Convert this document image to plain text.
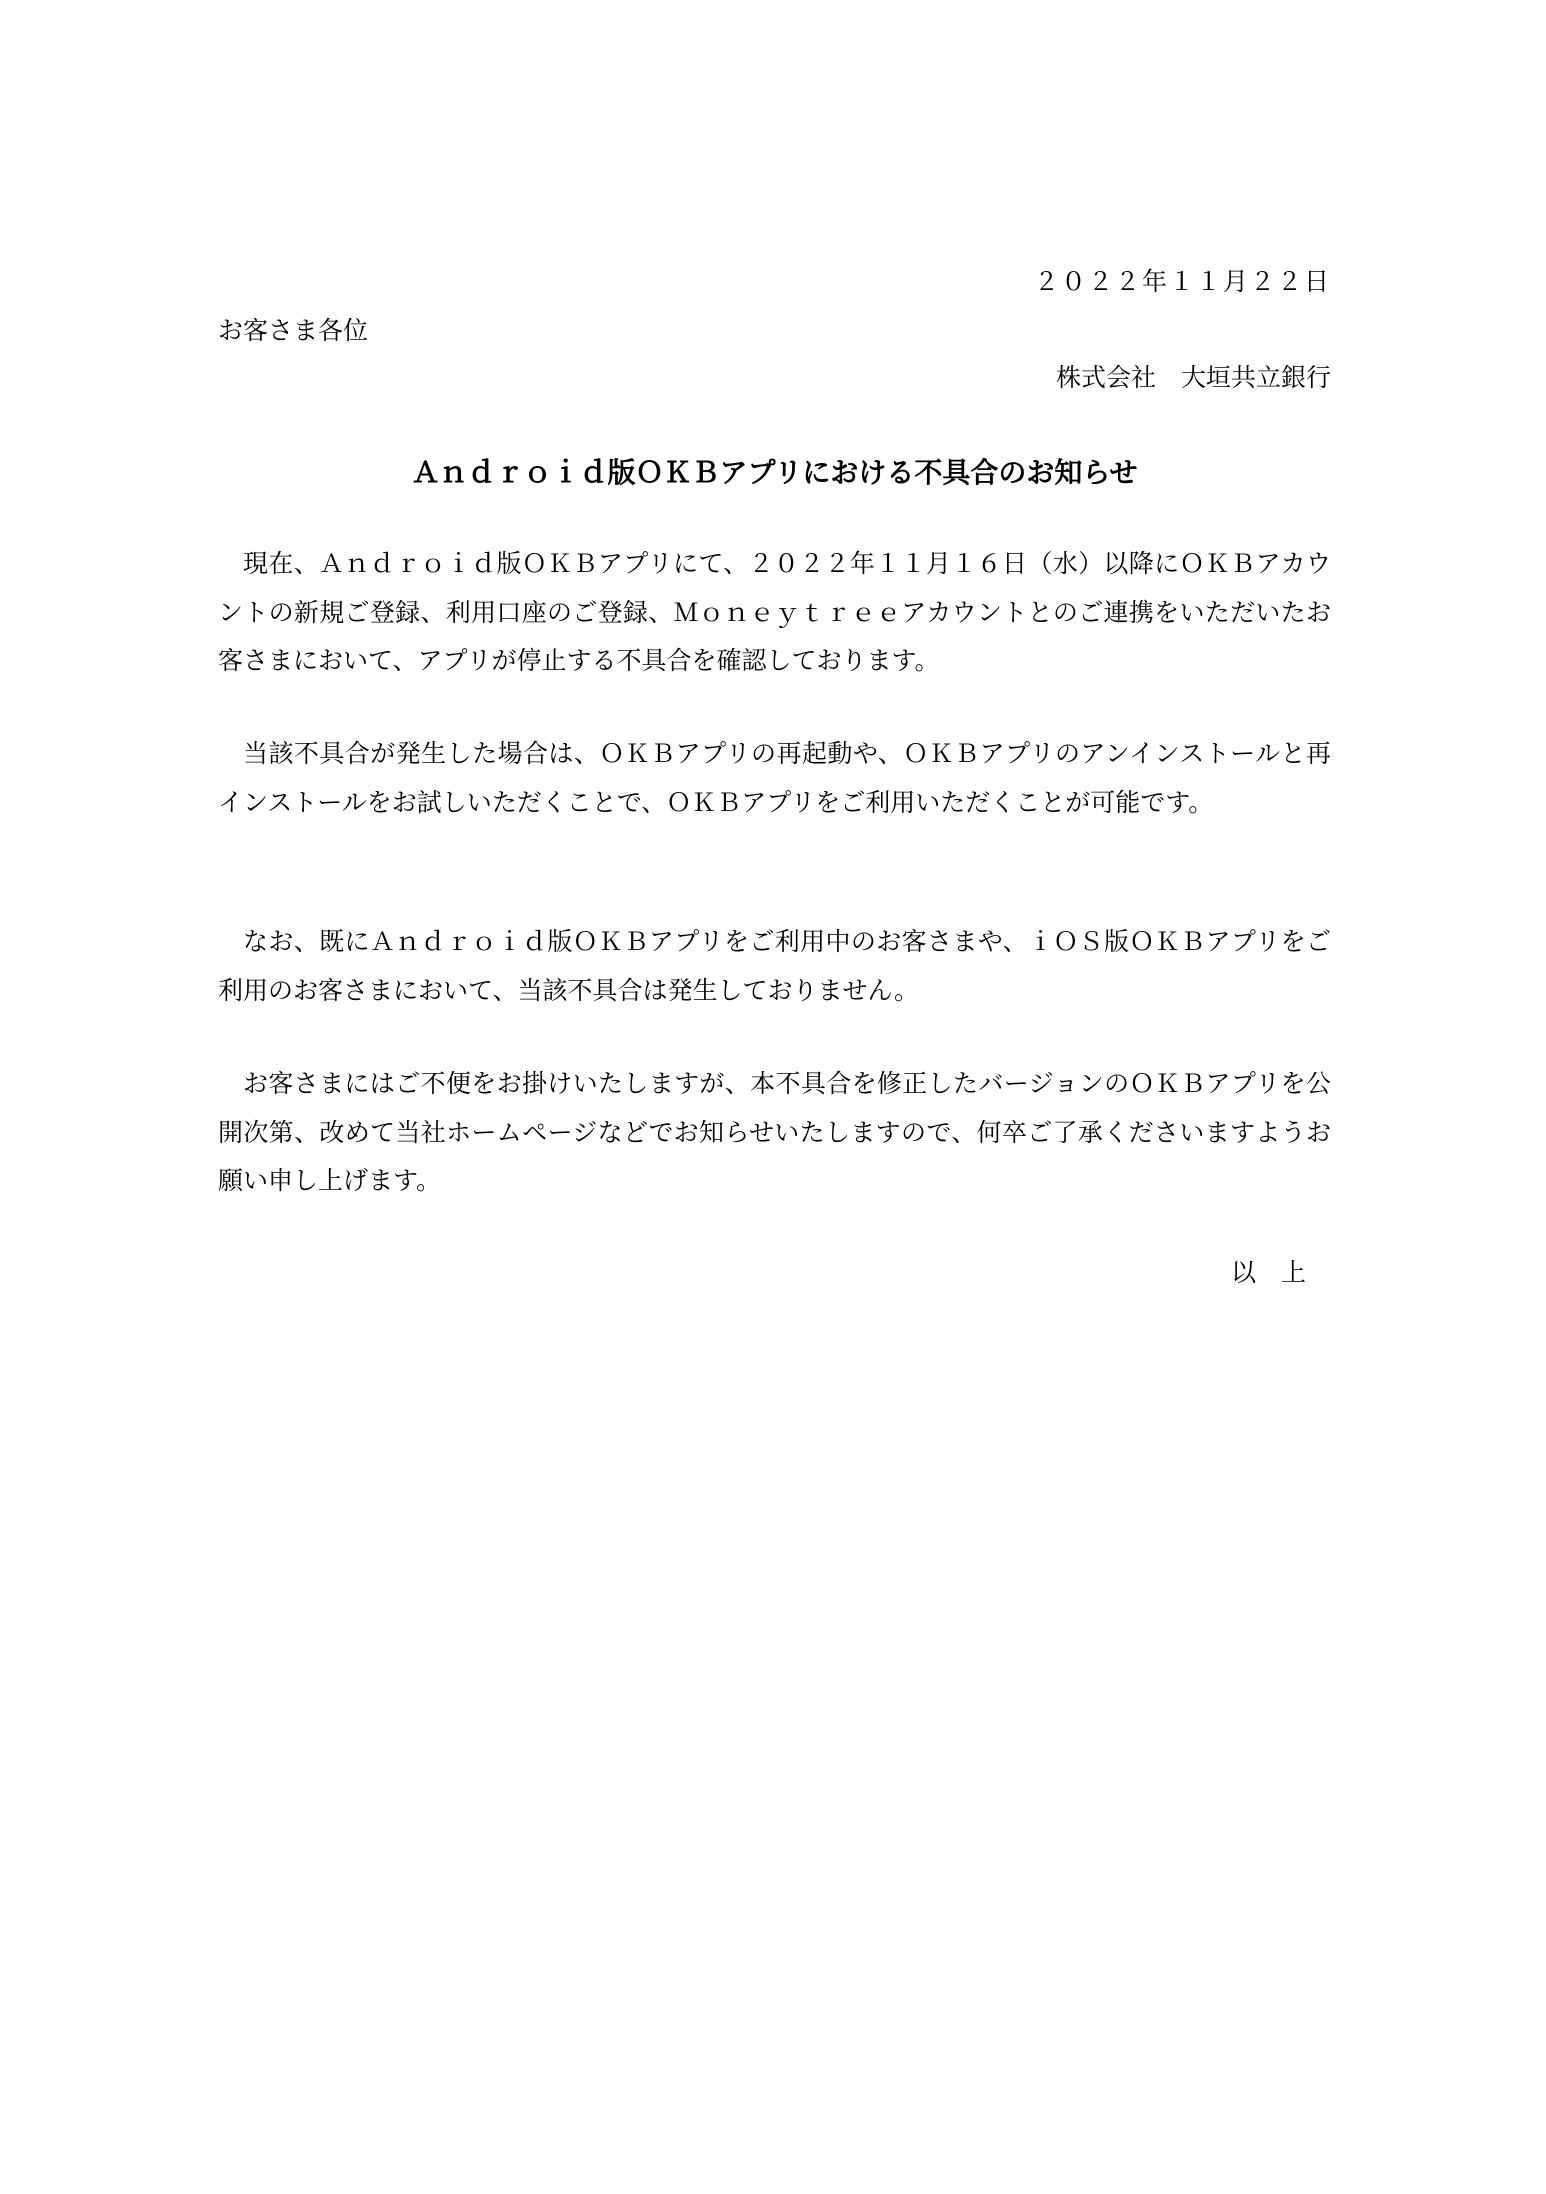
２０２２年１１月２２日
お客さま各位
株式会社　大垣共立銀行
Ａｎｄｒｏｉｄ版ＯＫＢアプリにおける不具合のお知らせ

現在、Ａｎｄｒｏｉｄ版ＯＫＢアプリにて、２０２２年１１月１６日（水）以降にＯＫＢアカウントの新規ご登録、利用口座のご登録、Ｍｏｎｅｙｔｒｅｅアカウントとのご連携をいただいたお客さまにおいて、アプリが停止する不具合を確認しております。

当該不具合が発生した場合は、ＯＫＢアプリの再起動や、ＯＫＢアプリのアンインストールと再インストールをお試しいただくことで、ＯＫＢアプリをご利用いただくことが可能です。

なお、既にＡｎｄｒｏｉｄ版ＯＫＢアプリをご利用中のお客さまや、ｉＯＳ版ＯＫＢアプリをご利用のお客さまにおいて、当該不具合は発生しておりません。

お客さまにはご不便をお掛けいたしますが、本不具合を修正したバージョンのＯＫＢアプリを公開次第、改めて当社ホームページなどでお知らせいたしますので、何卒ご了承くださいますようお願い申し上げます。

以　上
